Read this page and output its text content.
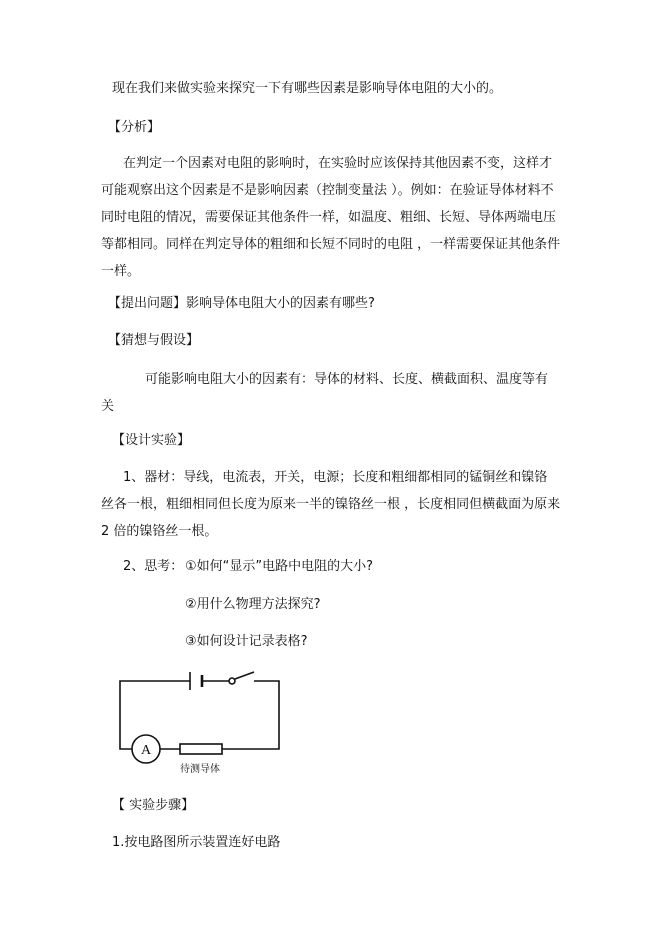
现在我们来做实验来探究一下有哪些因素是影响导体电阻的大小的。
【分析】
在判定一个因素对电阻的影响时，在实验时应该保持其他因素不变，这样才
可能观察出这个因素是不是影响因素（控制变量法 ）。例如：在验证导体材料不
同时电阻的情况，需要保证其他条件一样，如温度、粗细、长短、导体两端电压
等都相同。同样在判定导体的粗细和长短不同时的电阻 ，一样需要保证其他条件
一样。
【提出问题】影响导体电阻大小的因素有哪些?
【猜想与假设】
可能影响电阻大小的因素有：导体的材料、长度、横截面积、温度等有
关
【设计实验】
1、器材：导线，电流表，开关，电源；长度和粗细都相同的锰铜丝和镍铬
丝各一根，粗细相同但长度为原来一半的镍铬丝一根 ，长度相同但横截面为原来
2 倍的镍铬丝一根。
2、思考： ①如何“显示”电路中电阻的大小?
②用什么物理方法探究?
③如何设计记录表格?
A
待测导体
【 实验步骤】
1.按电路图所示装置连好电路
